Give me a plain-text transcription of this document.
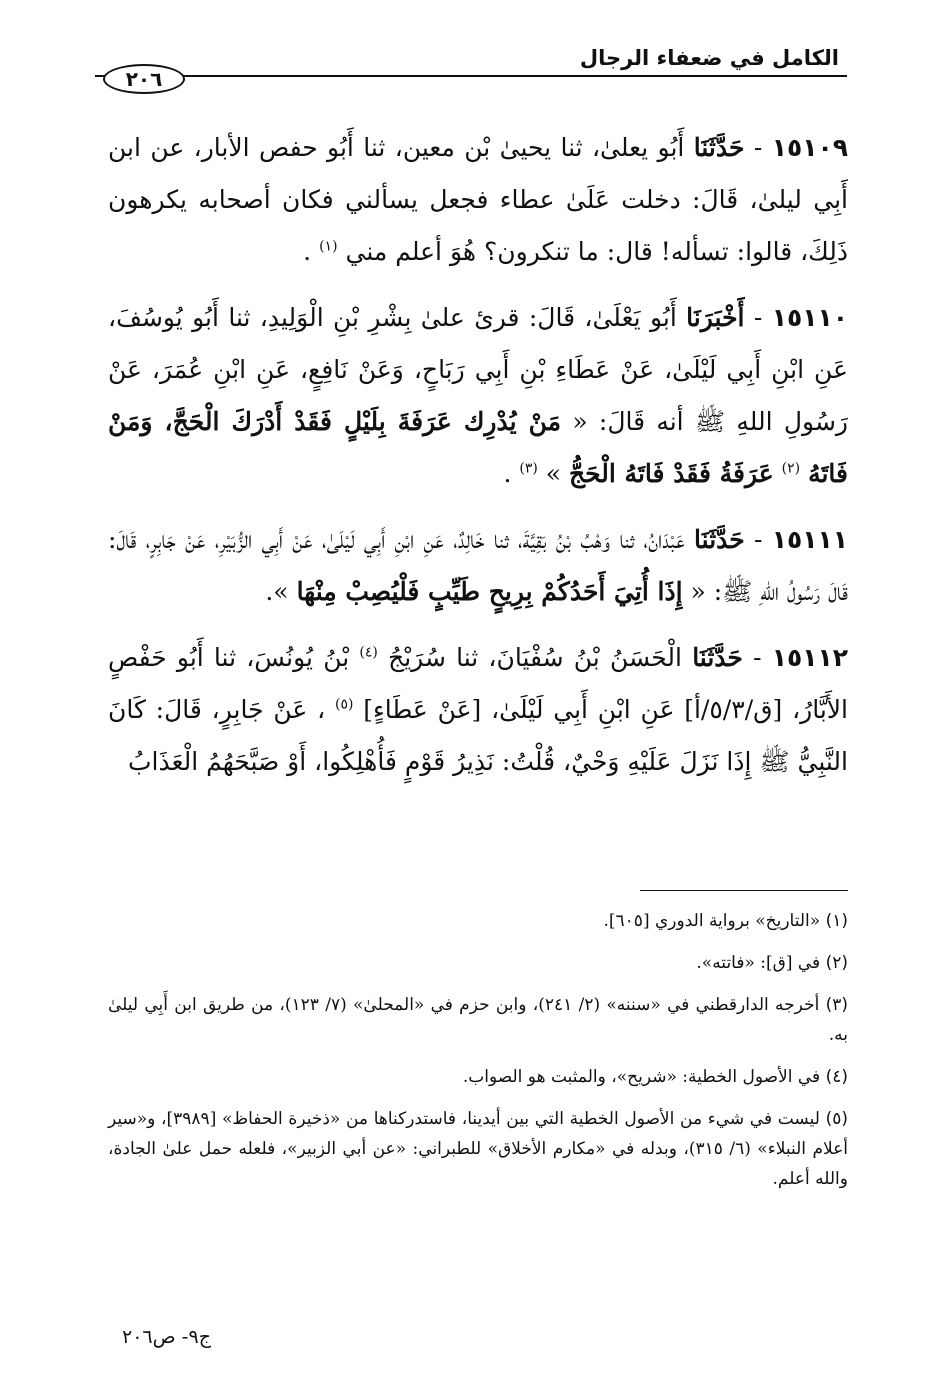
الكامل في ضعفاء الرجال
٢٠٦

١٥١٠٩ - حَدَّثَنَا أَبُو يعلىٰ، ثنا يحيىٰ بْن معين، ثنا أَبُو حفص الأبار، عن ابن أَبِي ليلىٰ، قَالَ: دخلت عَلَىٰ عطاء فجعل يسألني فكان أصحابه يكرهون ذَلِكَ، قالوا: تسأله! قال: ما تنكرون؟ هُوَ أعلم مني $^{(١)}$ .

١٥١١٠ - أَخْبَرَنَا أَبُو يَعْلَىٰ، قَالَ: قرئ علىٰ بِشْرِ بْنِ الْوَلِيدِ، ثنا أَبُو يُوسُفَ، عَنِ ابْنِ أَبِي لَيْلَىٰ، عَنْ عَطَاءِ بْنِ أَبِي رَبَاحٍ، وَعَنْ نَافِعٍ، عَنِ ابْنِ عُمَرَ، عَنْ رَسُولِ اللهِ ﷺ أنه قَالَ: « مَنْ يُدْرِك عَرَفَةَ بِلَيْلٍ فَقَدْ أَدْرَكَ الْحَجَّ، وَمَنْ فَاتَهُ $^{(٢)}$ عَرَفَةُ فَقَدْ فَاتَهُ الْحَجُّ » $^{(٣)}$ .

١٥١١١ - حَدَّثَنَا عَبْدَانُ، ثنا وَهْبُ بْنُ بَقِيَّةَ، ثنا خَالِدٌ، عَنِ ابْنِ أَبِي لَيْلَىٰ، عَنْ أَبِي الزُّبَيْرِ، عَنْ جَابِرٍ، قَالَ: قَالَ رَسُولُ اللهِ ﷺ: « إِذَا أُتِيَ أَحَدُكُمْ بِرِيحٍ طَيِّبٍ فَلْيُصِبْ مِنْهَا ».

١٥١١٢ - حَدَّثَنَا الْحَسَنُ بْنُ سُفْيَانَ، ثنا سُرَيْجُ $^{(٤)}$ بْنُ يُونُسَ، ثنا أَبُو حَفْصٍ الأَبَّارُ، [ق/٥/٣/أ] عَنِ ابْنِ أَبِي لَيْلَىٰ، [عَنْ عَطَاءٍ] $^{(٥)}$ ، عَنْ جَابِرٍ، قَالَ: كَانَ النَّبِيُّ ﷺ إِذَا نَزَلَ عَلَيْهِ وَحْيٌ، قُلْتُ: نَذِيرُ قَوْمٍ فَأُهْلِكُوا، أَوْ صَبَّحَهُمُ الْعَذَابُ

(١) «التاريخ» برواية الدوري [٦٠٥].

(٢) في [ق]: «فاتته».

(٣) أخرجه الدارقطني في «سننه» (٢/ ٢٤١)، وابن حزم في «المحلىٰ» (٧/ ١٢٣)، من طريق ابن أَبِي ليلىٰ به.

(٤) في الأصول الخطية: «شريح»، والمثبت هو الصواب.

(٥) ليست في شيء من الأصول الخطية التي بين أيدينا، فاستدركناها من «ذخيرة الحفاظ» [٣٩٨٩]، و«سير أعلام النبلاء» (٦/ ٣١٥)، وبدله في «مكارم الأخلاق» للطبراني: «عن أبي الزبير»، فلعله حمل علىٰ الجادة، والله أعلم.

ج٩- ص٢٠٦
